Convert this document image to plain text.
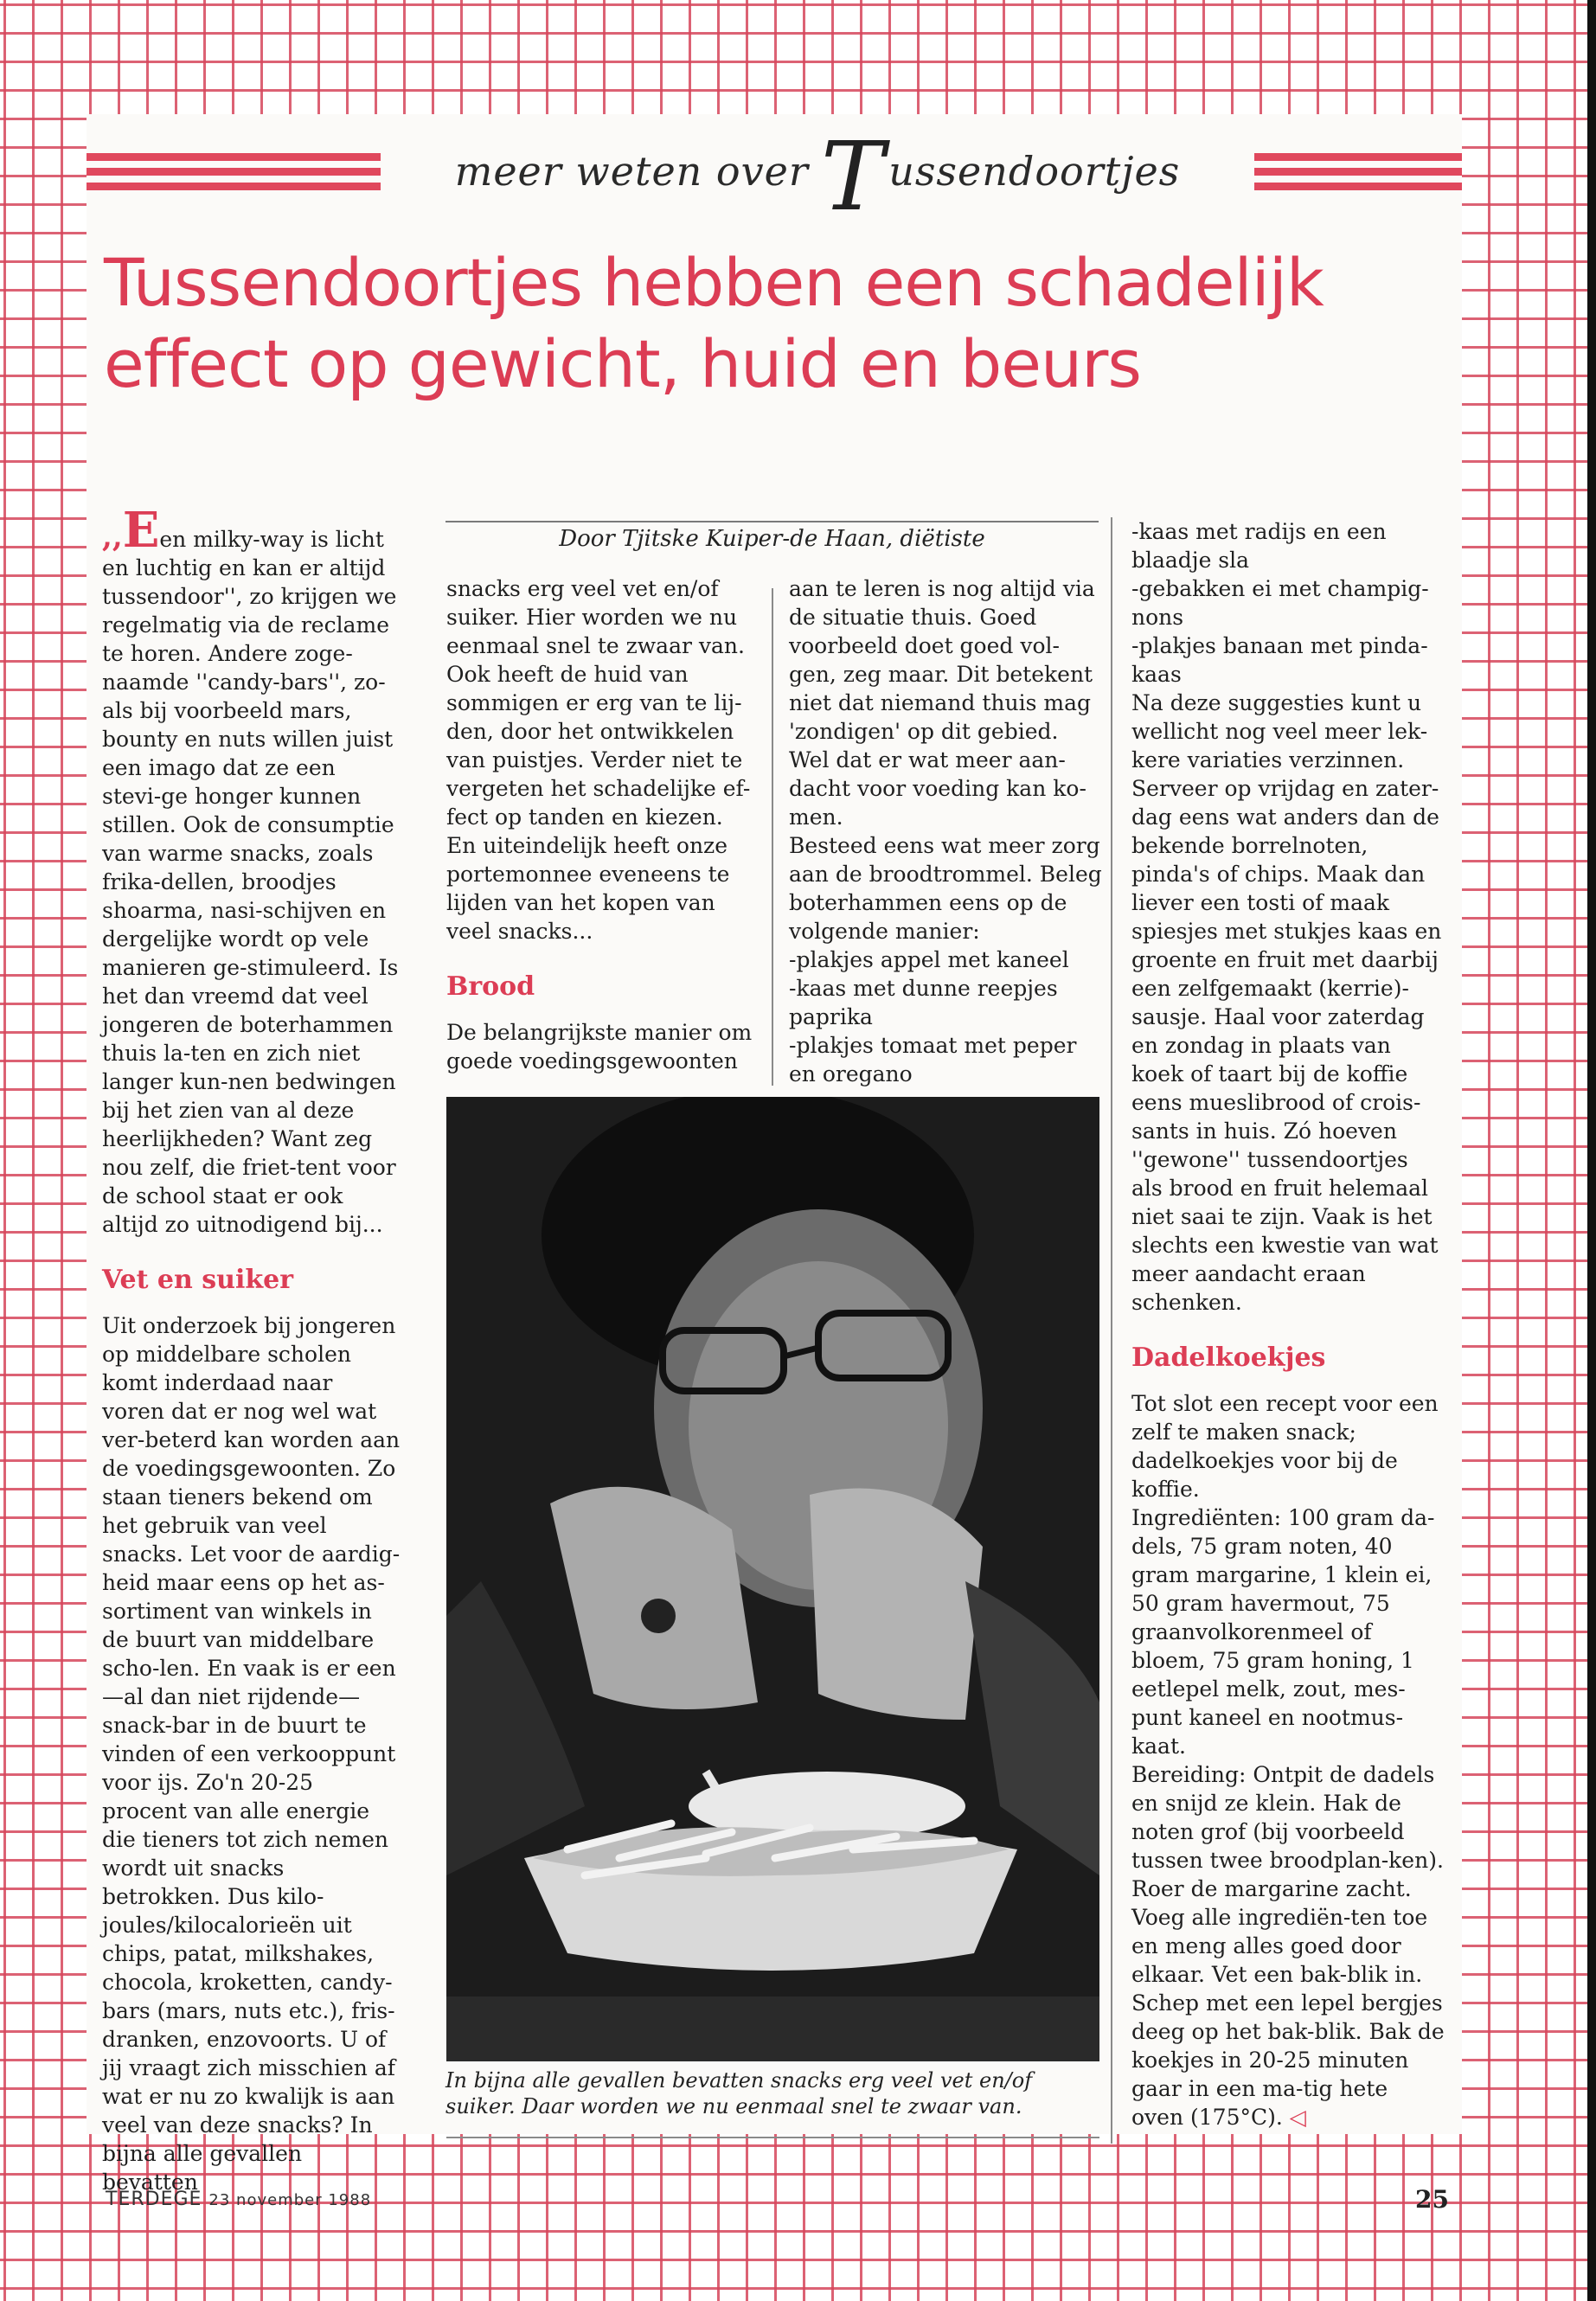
meer weten over T ussendoortjes
Tussendoortjes hebben een schadelijk effect op gewicht, huid en beurs
Door Tjitske Kuiper-de Haan, diëtiste

,,Een milky-way is licht en luchtig en kan er altijd tussendoor'', zo krijgen we regelmatig via de reclame te horen. Andere zoge-naamde ''candy-bars'', zo-als bij voorbeeld mars, bounty en nuts willen juist een imago dat ze een stevi-ge honger kunnen stillen. Ook de consumptie van warme snacks, zoals frika-dellen, broodjes shoarma, nasi-schijven en dergelijke wordt op vele manieren ge-stimuleerd. Is het dan vreemd dat veel jongeren de boterhammen thuis la-ten en zich niet langer kun-nen bedwingen bij het zien van al deze heerlijkheden? Want zeg nou zelf, die friet-tent voor de school staat er ook altijd zo uitnodigend bij...

Vet en suiker

Uit onderzoek bij jongeren op middelbare scholen komt inderdaad naar voren dat er nog wel wat ver-beterd kan worden aan de voedingsgewoonten. Zo staan tieners bekend om het gebruik van veel snacks. Let voor de aardig-heid maar eens op het as-sortiment van winkels in de buurt van middelbare scho-len. En vaak is er een —al dan niet rijdende— snack-bar in de buurt te vinden of een verkooppunt voor ijs. Zo'n 20-25 procent van alle energie die tieners tot zich nemen wordt uit snacks betrokken. Dus kilo-joules/kilocalorieën uit chips, patat, milkshakes, chocola, kroketten, candy-bars (mars, nuts etc.), fris-dranken, enzovoorts. U of jij vraagt zich misschien af wat er nu zo kwalijk is aan veel van deze snacks? In bijna alle gevallen bevatten

snacks erg veel vet en/of suiker. Hier worden we nu eenmaal snel te zwaar van. Ook heeft de huid van sommigen er erg van te lij-den, door het ontwikkelen van puistjes. Verder niet te vergeten het schadelijke ef-fect op tanden en kiezen. En uiteindelijk heeft onze portemonnee eveneens te lijden van het kopen van veel snacks...

Brood

De belangrijkste manier om goede voedingsgewoonten

aan te leren is nog altijd via de situatie thuis. Goed voorbeeld doet goed vol-gen, zeg maar. Dit betekent niet dat niemand thuis mag 'zondigen' op dit gebied. Wel dat er wat meer aan-dacht voor voeding kan ko-men.

Besteed eens wat meer zorg aan de broodtrommel. Beleg boterhammen eens op de volgende manier:

-plakjes appel met kaneel
-kaas met dunne reepjes paprika
-plakjes tomaat met peper en oregano

-kaas met radijs en een blaadje sla
-gebakken ei met champig-nons
-plakjes banaan met pinda-kaas

Na deze suggesties kunt u wellicht nog veel meer lek-kere variaties verzinnen. Serveer op vrijdag en zater-dag eens wat anders dan de bekende borrelnoten, pinda's of chips. Maak dan liever een tosti of maak spiesjes met stukjes kaas en groente en fruit met daarbij een zelfgemaakt (kerrie)-sausje. Haal voor zaterdag en zondag in plaats van koek of taart bij de koffie eens mueslibrood of crois-sants in huis. Zó hoeven ''gewone'' tussendoortjes als brood en fruit helemaal niet saai te zijn. Vaak is het slechts een kwestie van wat meer aandacht eraan schenken.

Dadelkoekjes

Tot slot een recept voor een zelf te maken snack; dadelkoekjes voor bij de koffie.

Ingrediënten: 100 gram da-dels, 75 gram noten, 40 gram margarine, 1 klein ei, 50 gram havermout, 75 graanvolkorenmeel of bloem, 75 gram honing, 1 eetlepel melk, zout, mes-punt kaneel en nootmus-kaat.

Bereiding: Ontpit de dadels en snijd ze klein. Hak de noten grof (bij voorbeeld tussen twee broodplan-ken). Roer de margarine zacht. Voeg alle ingrediën-ten toe en meng alles goed door elkaar. Vet een bak-blik in. Schep met een lepel bergjes deeg op het bak-blik. Bak de koekjes in 20-25 minuten gaar in een ma-tig hete oven (175°C). ◁

In bijna alle gevallen bevatten snacks erg veel vet en/of suiker. Daar worden we nu eenmaal snel te zwaar van.
TERDEGE 23 november 1988	25
